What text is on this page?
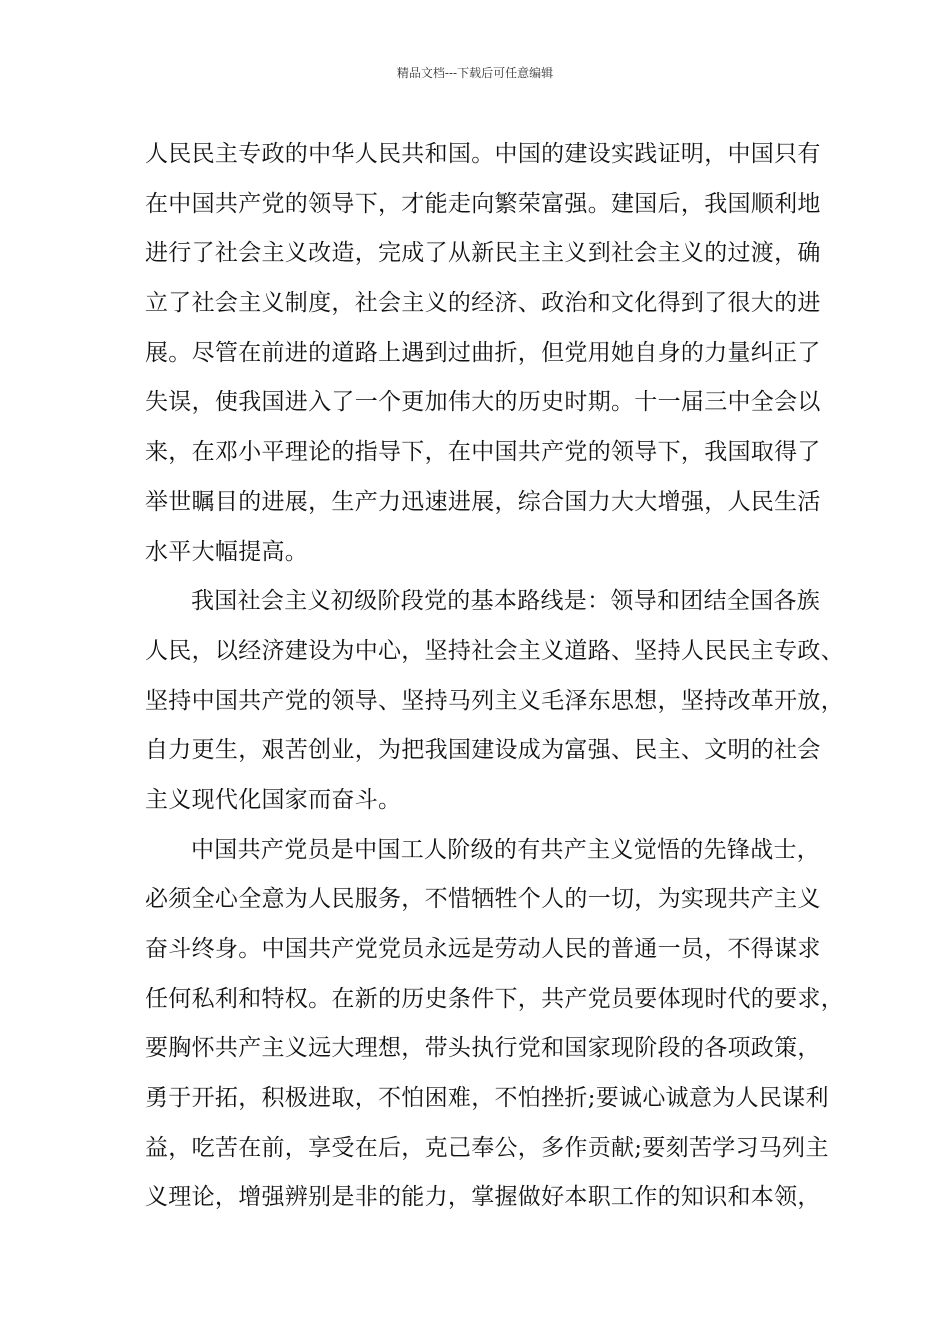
精品文档---下载后可任意编辑
人民民主专政的中华人民共和国。中国的建设实践证明，中国只有
在中国共产党的领导下，才能走向繁荣富强。建国后，我国顺利地
进行了社会主义改造，完成了从新民主主义到社会主义的过渡，确
立了社会主义制度，社会主义的经济、政治和文化得到了很大的进
展。尽管在前进的道路上遇到过曲折，但党用她自身的力量纠正了
失误，使我国进入了一个更加伟大的历史时期。十一届三中全会以
来，在邓小平理论的指导下，在中国共产党的领导下，我国取得了
举世瞩目的进展，生产力迅速进展，综合国力大大增强，人民生活
水平大幅提高。
我国社会主义初级阶段党的基本路线是：领导和团结全国各族
人民，以经济建设为中心，坚持社会主义道路、坚持人民民主专政、
坚持中国共产党的领导、坚持马列主义毛泽东思想，坚持改革开放，
自力更生，艰苦创业，为把我国建设成为富强、民主、文明的社会
主义现代化国家而奋斗。
中国共产党员是中国工人阶级的有共产主义觉悟的先锋战士，
必须全心全意为人民服务，不惜牺牲个人的一切，为实现共产主义
奋斗终身。中国共产党党员永远是劳动人民的普通一员，不得谋求
任何私利和特权。在新的历史条件下，共产党员要体现时代的要求，
要胸怀共产主义远大理想，带头执行党和国家现阶段的各项政策，
勇于开拓，积极进取，不怕困难，不怕挫折;要诚心诚意为人民谋利
益，吃苦在前，享受在后，克己奉公，多作贡献;要刻苦学习马列主
义理论，增强辨别是非的能力，掌握做好本职工作的知识和本领，
